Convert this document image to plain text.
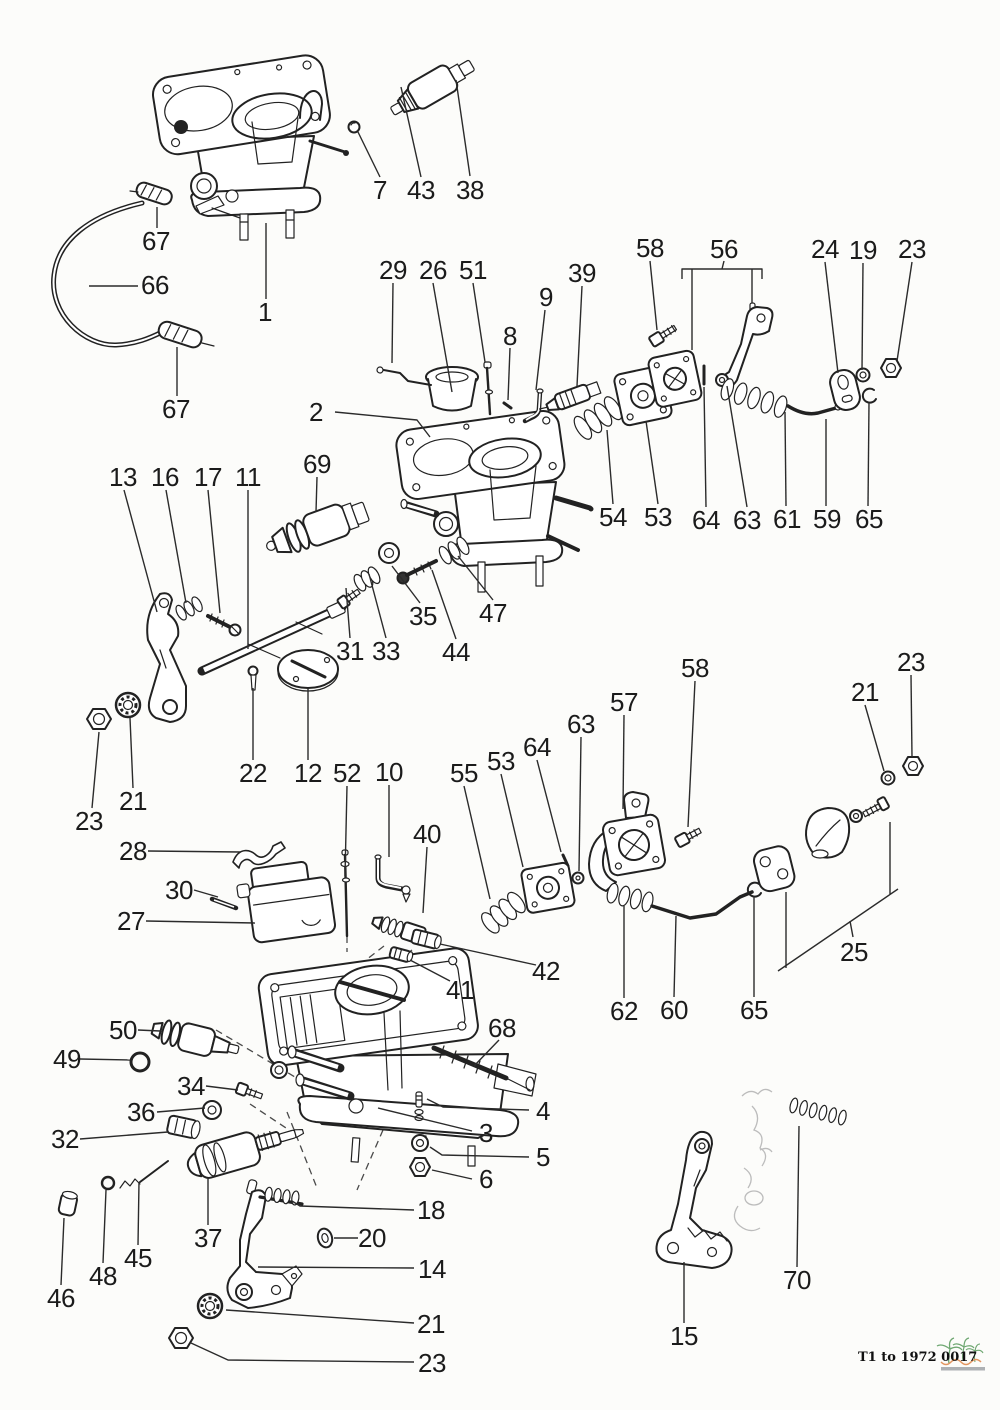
7 43 38
67
66
1
67
29 26 51
8
9
39
58 56	24 19 23
2
54 53 64 63 61 59 65
13 16 17 11 69
35 47
31 33 44
22 12
21
23
58
57
63
64
53
55
52 10
40
23
21
25
62 60 65
41
42
28
30
27
50
49
34
36
32
37
45
48
46
68
3
4
5
6
18
20
14
21
23
15
70
T1 to 1972 0017
